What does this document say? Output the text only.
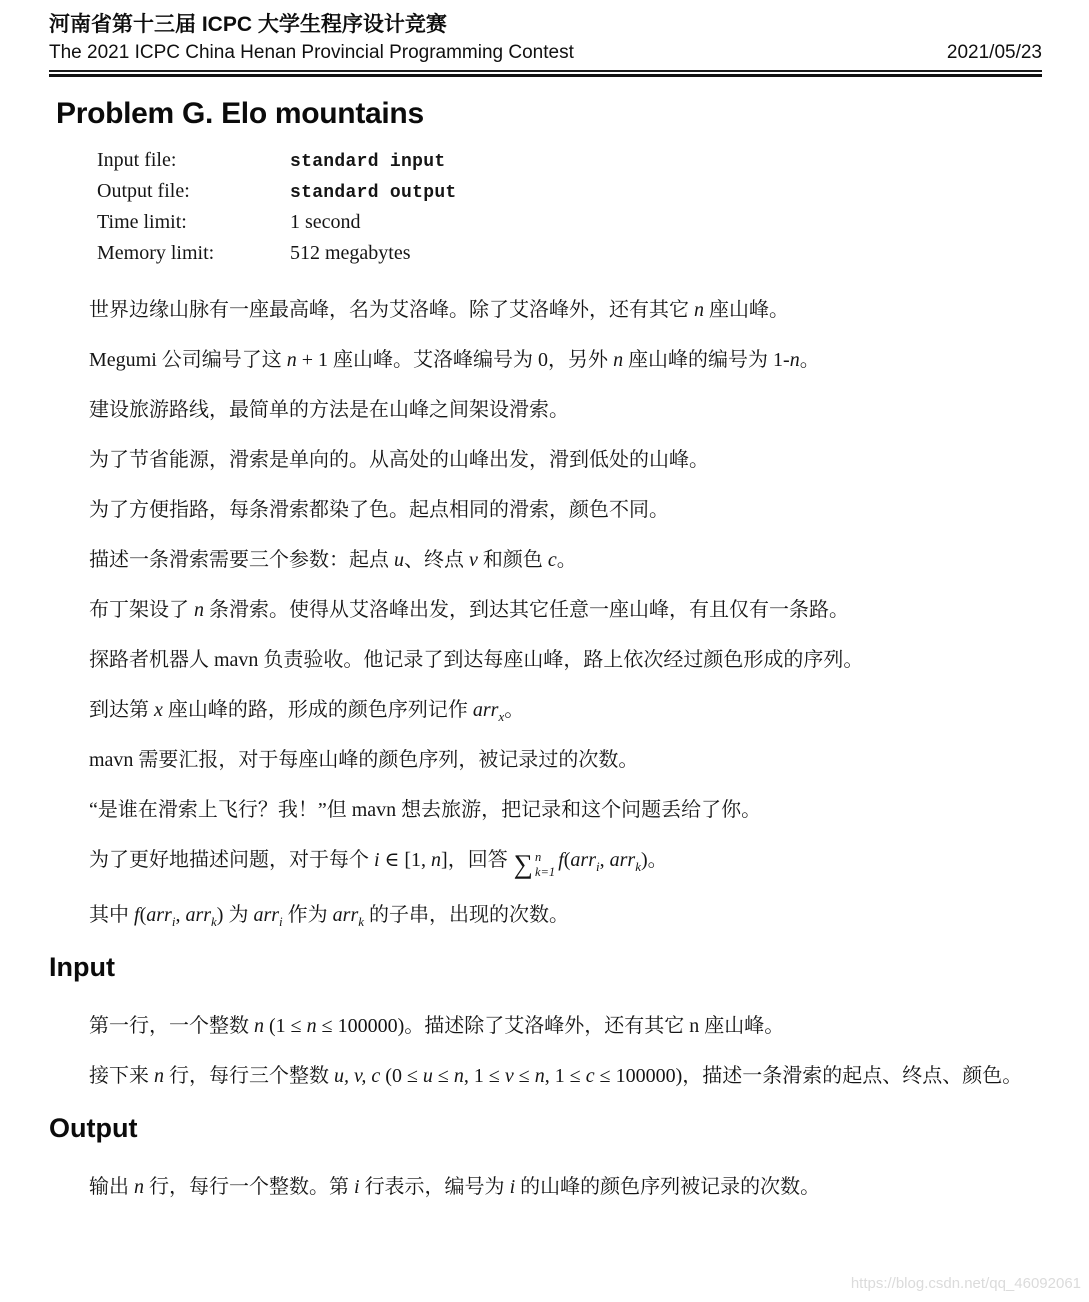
河南省第十三届 ICPC 大学生程序设计竞赛
The 2021 ICPC China Henan Provincial Programming Contest	2021/05/23
Problem G. Elo mountains
Input file:	standard input
Output file:	standard output
Time limit:	1 second
Memory limit:	512 megabytes

世界边缘山脉有一座最高峰，名为艾洛峰。除了艾洛峰外，还有其它 n 座山峰。

Megumi 公司编号了这 n + 1 座山峰。艾洛峰编号为 0，另外 n 座山峰的编号为 1-n。

建设旅游路线，最简单的方法是在山峰之间架设滑索。

为了节省能源，滑索是单向的。从高处的山峰出发，滑到低处的山峰。

为了方便指路，每条滑索都染了色。起点相同的滑索，颜色不同。

描述一条滑索需要三个参数：起点 u、终点 v 和颜色 c。

布丁架设了 n 条滑索。使得从艾洛峰出发，到达其它任意一座山峰，有且仅有一条路。

探路者机器人 mavn 负责验收。他记录了到达每座山峰，路上依次经过颜色形成的序列。

到达第 x 座山峰的路，形成的颜色序列记作 arr$_x$。

mavn 需要汇报，对于每座山峰的颜色序列，被记录过的次数。

“是谁在滑索上飞行？我！”但 mavn 想去旅游，把记录和这个问题丢给了你。

为了更好地描述问题，对于每个 i ∈ [1, n]，回答 ∑ n
k=1
f(arr$_i$, arr$_k$)。

其中 f(arr$_i$, arr$_k$) 为 arr$_i$ 作为 arr$_k$ 的子串，出现的次数。

Input

第一行，一个整数 n (1 ≤ n ≤ 100000)。描述除了艾洛峰外，还有其它 n 座山峰。

接下来 n 行，每行三个整数 u, v, c (0 ≤ u ≤ n, 1 ≤ v ≤ n, 1 ≤ c ≤ 100000)，描述一条滑索的起点、终点、颜色。

Output

输出 n 行，每行一个整数。第 i 行表示，编号为 i 的山峰的颜色序列被记录的次数。

https://blog.csdn.net/qq_46092061
